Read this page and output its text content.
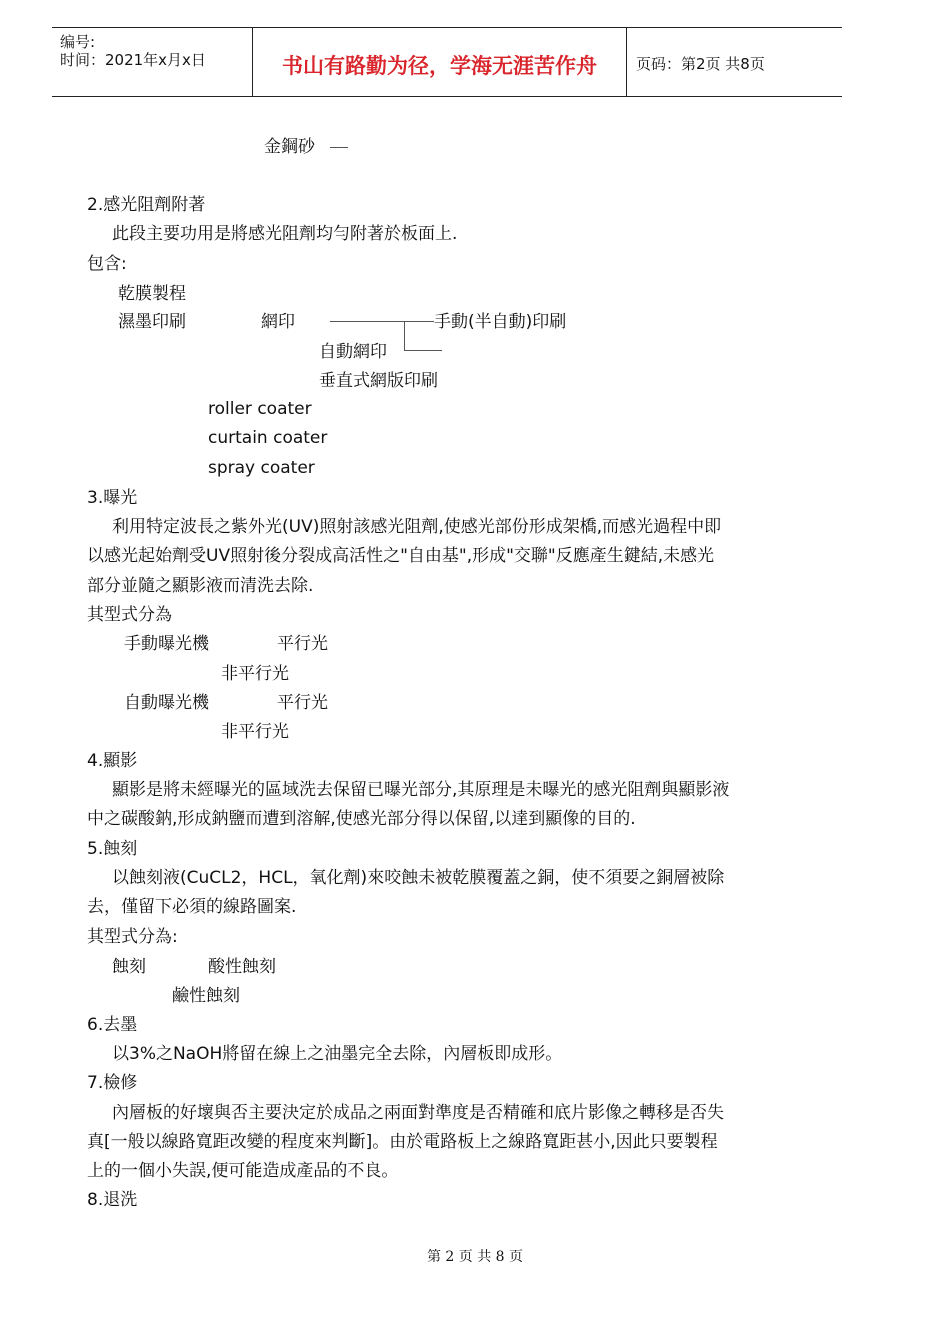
编号:
时间：2021年x月x日	书山有路勤为径，学海无涯苦作舟	页码：第2页 共8页
金鋼砂
2.感光阻劑附著
此段主要功用是將感光阻劑均勻附著於板面上.
包含:
乾膜製程
濕墨印刷	網印	手動(半自動)印刷
自動網印
垂直式網版印刷
roller coater
curtain coater
spray coater
3.曝光
利用特定波長之紫外光(UV)照射該感光阻劑,使感光部份形成架橋,而感光過程中即
以感光起始劑受UV照射後分裂成高活性之"自由基",形成"交聯"反應產生鍵結,未感光
部分並隨之顯影液而清洗去除.
其型式分為
手動曝光機	平行光
非平行光
自動曝光機	平行光
非平行光
4.顯影
顯影是將未經曝光的區域洗去保留已曝光部分,其原理是未曝光的感光阻劑與顯影液
中之碳酸鈉,形成鈉鹽而遭到溶解,使感光部分得以保留,以達到顯像的目的.
5.蝕刻
以蝕刻液(CuCL2，HCL，氧化劑)來咬蝕未被乾膜覆蓋之銅，使不須要之銅層被除
去，僅留下必須的線路圖案.
其型式分為:
蝕刻	酸性蝕刻
鹼性蝕刻
6.去墨
以3%之NaOH將留在線上之油墨完全去除，內層板即成形。
7.檢修
內層板的好壞與否主要決定於成品之兩面對準度是否精確和底片影像之轉移是否失
真[一般以線路寬距改變的程度來判斷]。由於電路板上之線路寬距甚小,因此只要製程
上的一個小失誤,便可能造成產品的不良。
8.退洗
第 2 页 共 8 页
